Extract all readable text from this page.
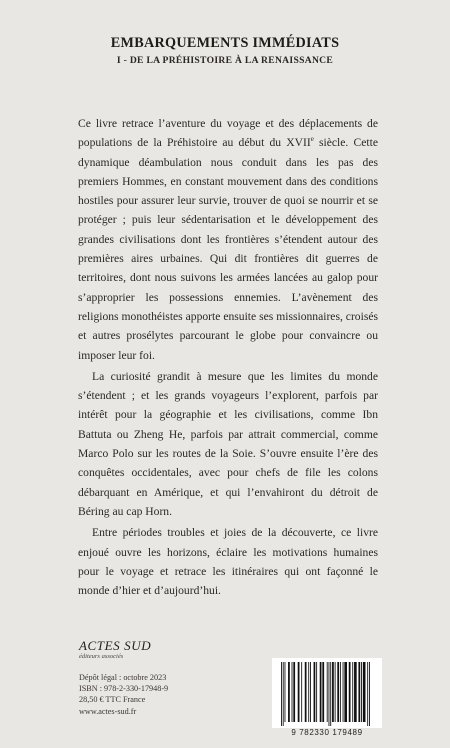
EMBARQUEMENTS IMMÉDIATS
I - DE LA PRÉHISTOIRE À LA RENAISSANCE

Ce livre retrace l’aventure du voyage et des déplacements de populations de la Préhistoire au début du XVIIe siècle. Cette dynamique déambulation nous conduit dans les pas des premiers Hommes, en constant mouvement dans des conditions hostiles pour assurer leur survie, trouver de quoi se nourrir et se protéger ; puis leur sédentarisation et le développement des grandes civilisations dont les frontières s’étendent autour des premières aires urbaines. Qui dit frontières dit guerres de territoires, dont nous suivons les armées lancées au galop pour s’approprier les possessions ennemies. L’avènement des religions monothéistes apporte ensuite ses missionnaires, croisés et autres prosélytes parcourant le globe pour convaincre ou imposer leur foi.

La curiosité grandit à mesure que les limites du monde s’étendent ; et les grands voyageurs l’explorent, parfois par intérêt pour la géographie et les civilisations, comme Ibn Battuta ou Zheng He, parfois par attrait commercial, comme Marco Polo sur les routes de la Soie. S’ouvre ensuite l’ère des conquêtes occidentales, avec pour chefs de file les colons débarquant en Amérique, et qui l’envahiront du détroit de Béring au cap Horn.

Entre périodes troubles et joies de la découverte, ce livre enjoué ouvre les horizons, éclaire les motivations humaines pour le voyage et retrace les itinéraires qui ont façonné le monde d’hier et d’aujourd’hui.

ACTES SUD
éditeurs associés
Dépôt légal : octobre 2023
ISBN : 978-2-330-17948-9
28,50 € TTC France
www.actes-sud.fr
9 782330 179489
